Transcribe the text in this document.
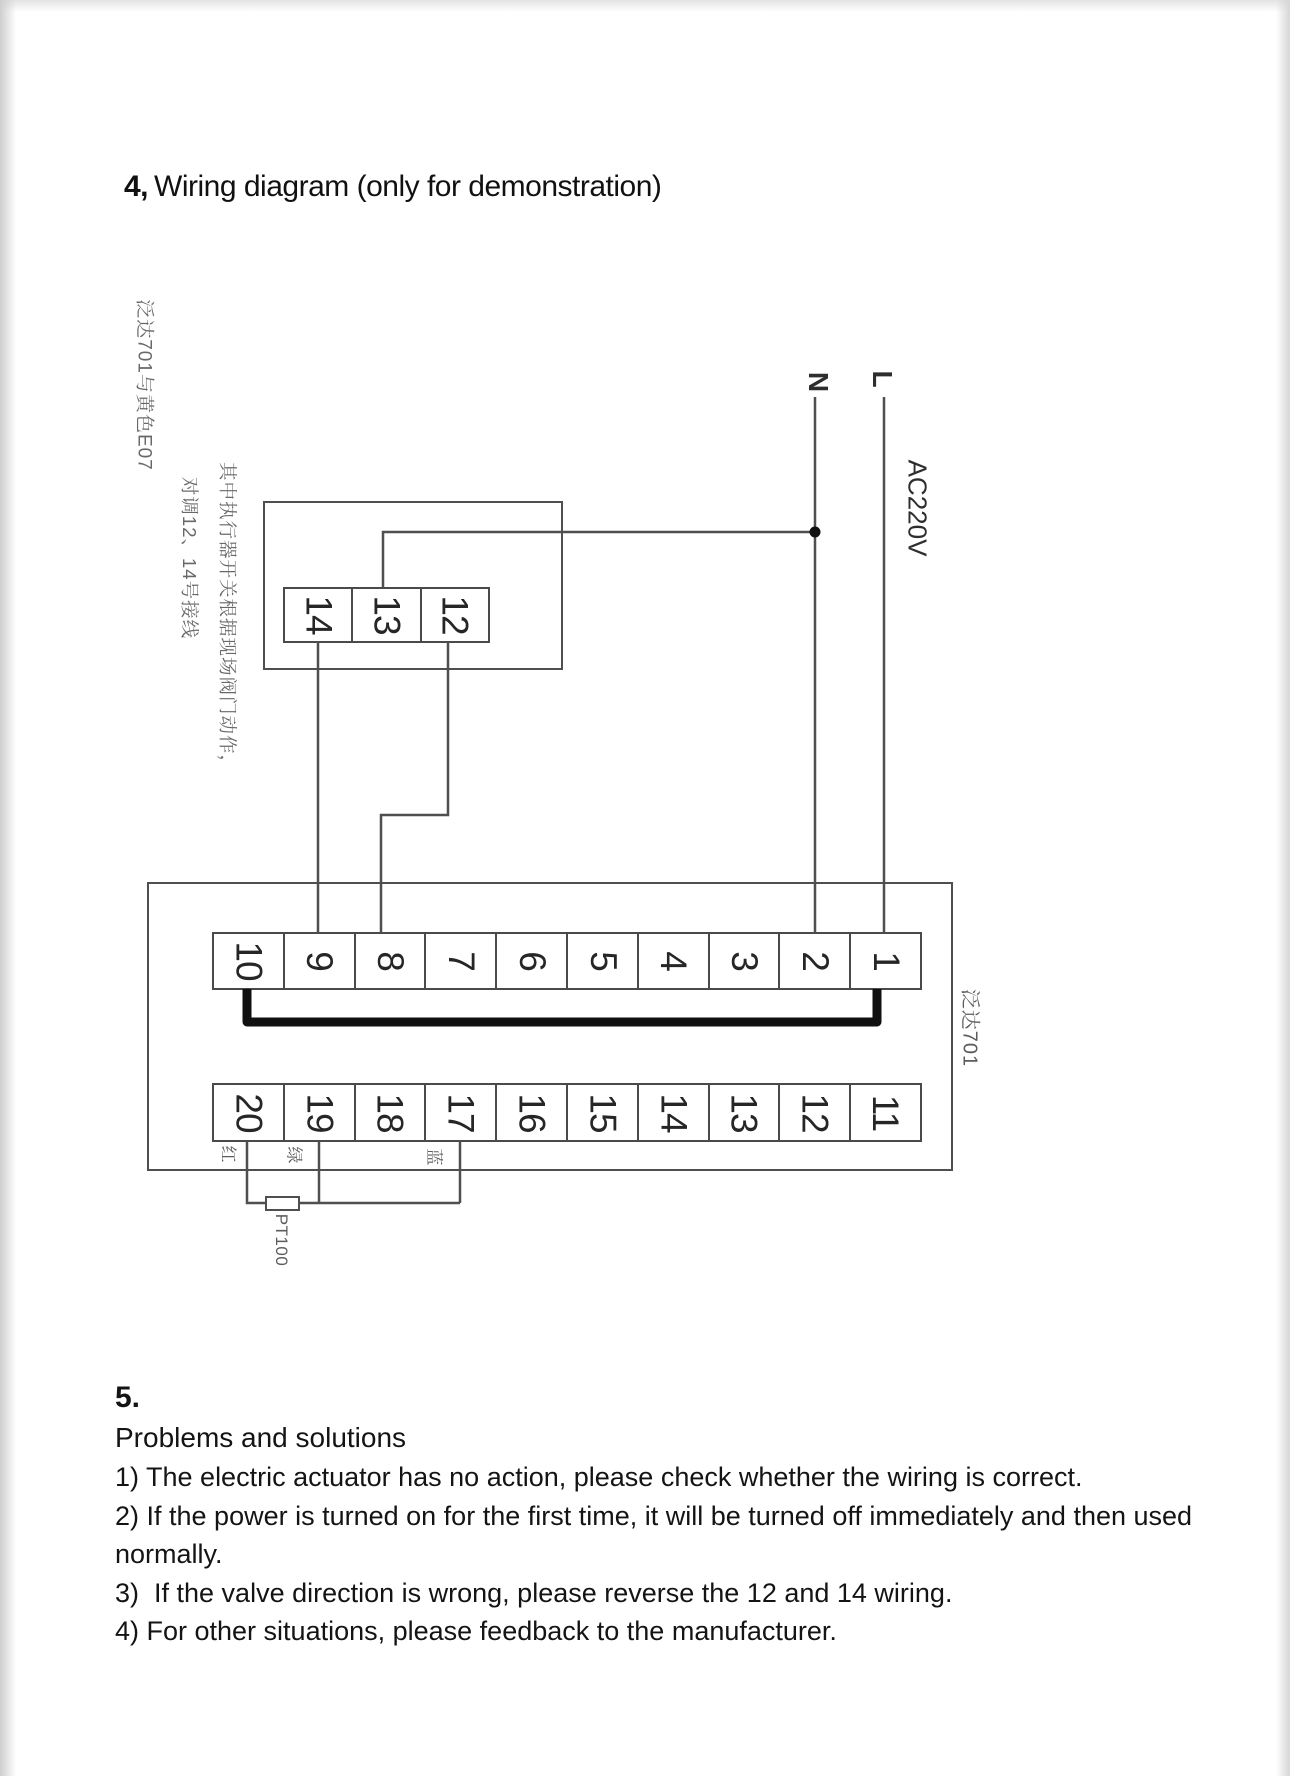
4, Wiring diagram (only for demonstration)
泛达701与黄色E07
其中执行器开关根据现场阀门动作，
对调12、14号接线
N L
AC220V
泛达701
红	绿	蓝
PT100
14 13 12
10 9 8 7 6 5 4 3 2 1
20 19 18 17 16 15 14 13 12 11
5.
Problems and solutions
1) The electric actuator has no action, please check whether the wiring is correct.
2) If the power is turned on for the first time, it will be turned off immediately and then used normally.
3)  If the valve direction is wrong, please reverse the 12 and 14 wiring.
4) For other situations, please feedback to the manufacturer.
